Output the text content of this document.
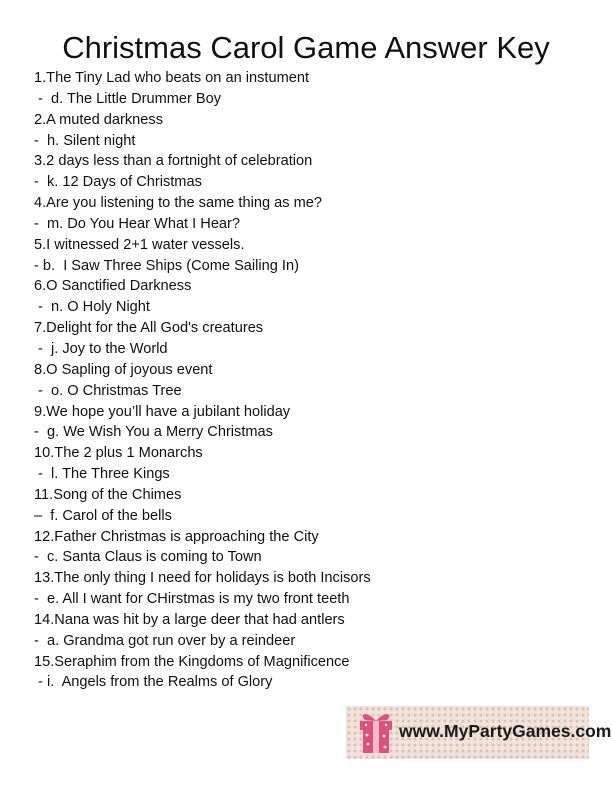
Christmas Carol Game Answer Key
1.The Tiny Lad who beats on an instument
-  d. The Little Drummer Boy
2.A muted darkness
-  h. Silent night
3.2 days less than a fortnight of celebration
-  k. 12 Days of Christmas
4.Are you listening to the same thing as me?
-  m. Do You Hear What I Hear?
5.I witnessed 2+1 water vessels.
- b.  I Saw Three Ships (Come Sailing In)
6.O Sanctified Darkness
-  n. O Holy Night
7.Delight for the All God's creatures
-  j. Joy to the World
8.O Sapling of joyous event
-  o. O Christmas Tree
9.We hope you’ll have a jubilant holiday
-  g. We Wish You a Merry Christmas
10.The 2 plus 1 Monarchs
-  l. The Three Kings
11.Song of the Chimes
–  f. Carol of the bells
12.Father Christmas is approaching the City
-  c. Santa Claus is coming to Town
13.The only thing I need for holidays is both Incisors
-  e. All I want for CHirstmas is my two front teeth
14.Nana was hit by a large deer that had antlers
-  a. Grandma got run over by a reindeer
15.Seraphim from the Kingdoms of Magnificence
- i.  Angels from the Realms of Glory
www.MyPartyGames.com
